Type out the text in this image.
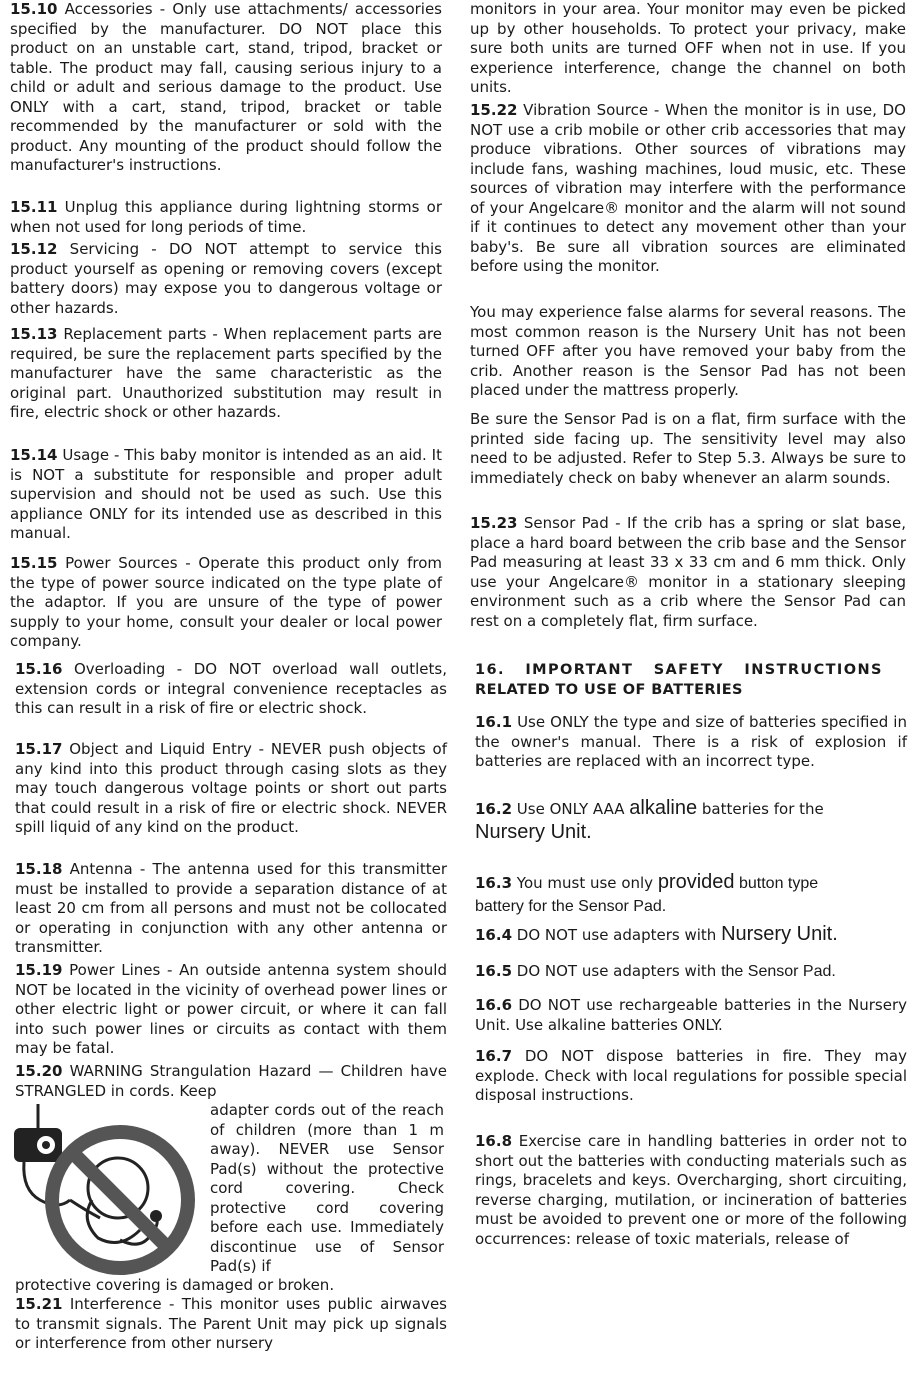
15.10 Accessories - Only use attachments/ accessories specified by the manufacturer. DO NOT place this product on an unstable cart, stand, tripod, bracket or table. The product may fall, causing serious injury to a child or adult and serious damage to the product. Use ONLY with a cart, stand, tripod, bracket or table recommended by the manufacturer or sold with the product. Any mounting of the product should follow the manufacturer's instructions.

15.11 Unplug this appliance during lightning storms or when not used for long periods of time.

15.12 Servicing - DO NOT attempt to service this product yourself as opening or removing covers (except battery doors) may expose you to dangerous voltage or other hazards.

15.13 Replacement parts - When replacement parts are required, be sure the replacement parts specified by the manufacturer have the same characteristic as the original part. Unauthorized substitution may result in fire, electric shock or other hazards.

15.14 Usage - This baby monitor is intended as an aid. It is NOT a substitute for responsible and proper adult supervision and should not be used as such. Use this appliance ONLY for its intended use as described in this manual.

15.15 Power Sources - Operate this product only from the type of power source indicated on the type plate of the adaptor. If you are unsure of the type of power supply to your home, consult your dealer or local power company.

15.16 Overloading - DO NOT overload wall outlets, extension cords or integral convenience receptacles as this can result in a risk of fire or electric shock.

15.17 Object and Liquid Entry - NEVER push objects of any kind into this product through casing slots as they may touch dangerous voltage points or short out parts that could result in a risk of fire or electric shock. NEVER spill liquid of any kind on the product.

15.18 Antenna - The antenna used for this transmitter must be installed to provide a separation distance of at least 20 cm from all persons and must not be collocated or operating in conjunction with any other antenna or transmitter.

15.19 Power Lines - An outside antenna system should NOT be located in the vicinity of overhead power lines or other electric light or power circuit, or where it can fall into such power lines or circuits as contact with them may be fatal.

15.20 WARNING Strangulation Hazard — Children have STRANGLED in cords. Keep

adapter cords out of the reach of children (more than 1 m away). NEVER use Sensor Pad(s) without the protective cord covering. Check protective cord covering before each use. Immediately discontinue use of Sensor Pad(s) if

protective covering is damaged or broken.

15.21 Interference - This monitor uses public airwaves to transmit signals. The Parent Unit may pick up signals or interference from other nursery

monitors in your area. Your monitor may even be picked up by other households. To protect your privacy, make sure both units are turned OFF when not in use. If you experience interference, change the channel on both units.

15.22 Vibration Source - When the monitor is in use, DO NOT use a crib mobile or other crib accessories that may produce vibrations. Other sources of vibrations may include fans, washing machines, loud music, etc. These sources of vibration may interfere with the performance of your Angelcare® monitor and the alarm will not sound if it continues to detect any movement other than your baby's. Be sure all vibration sources are eliminated before using the monitor.

You may experience false alarms for several reasons. The most common reason is the Nursery Unit has not been turned OFF after you have removed your baby from the crib. Another reason is the Sensor Pad has not been placed under the mattress properly.

Be sure the Sensor Pad is on a flat, firm surface with the printed side facing up. The sensitivity level may also need to be adjusted. Refer to Step 5.3. Always be sure to immediately check on baby whenever an alarm sounds.

15.23 Sensor Pad - If the crib has a spring or slat base, place a hard board between the crib base and the Sensor Pad measuring at least 33 x 33 cm and 6 mm thick. Only use your Angelcare® monitor in a stationary sleeping environment such as a crib where the Sensor Pad can rest on a completely flat, firm surface.

16. IMPORTANT SAFETY INSTRUCTIONS
RELATED TO USE OF BATTERIES

16.1 Use ONLY the type and size of batteries specified in the owner's manual. There is a risk of explosion if batteries are replaced with an incorrect type.

16.2 Use ONLY AAA alkaline batteries for the
Nursery Unit.
16.3 You must use only provided button type
battery for the Sensor Pad.
16.4 DO NOT use adapters with Nursery Unit.
16.5 DO NOT use adapters with the Sensor Pad.

16.6 DO NOT use rechargeable batteries in the Nursery Unit. Use alkaline batteries ONLY.

16.7 DO NOT dispose batteries in fire. They may explode. Check with local regulations for possible special disposal instructions.

16.8 Exercise care in handling batteries in order not to short out the batteries with conducting materials such as rings, bracelets and keys. Overcharging, short circuiting, reverse charging, mutilation, or incineration of batteries must be avoided to prevent one or more of the following occurrences: release of toxic materials, release of
